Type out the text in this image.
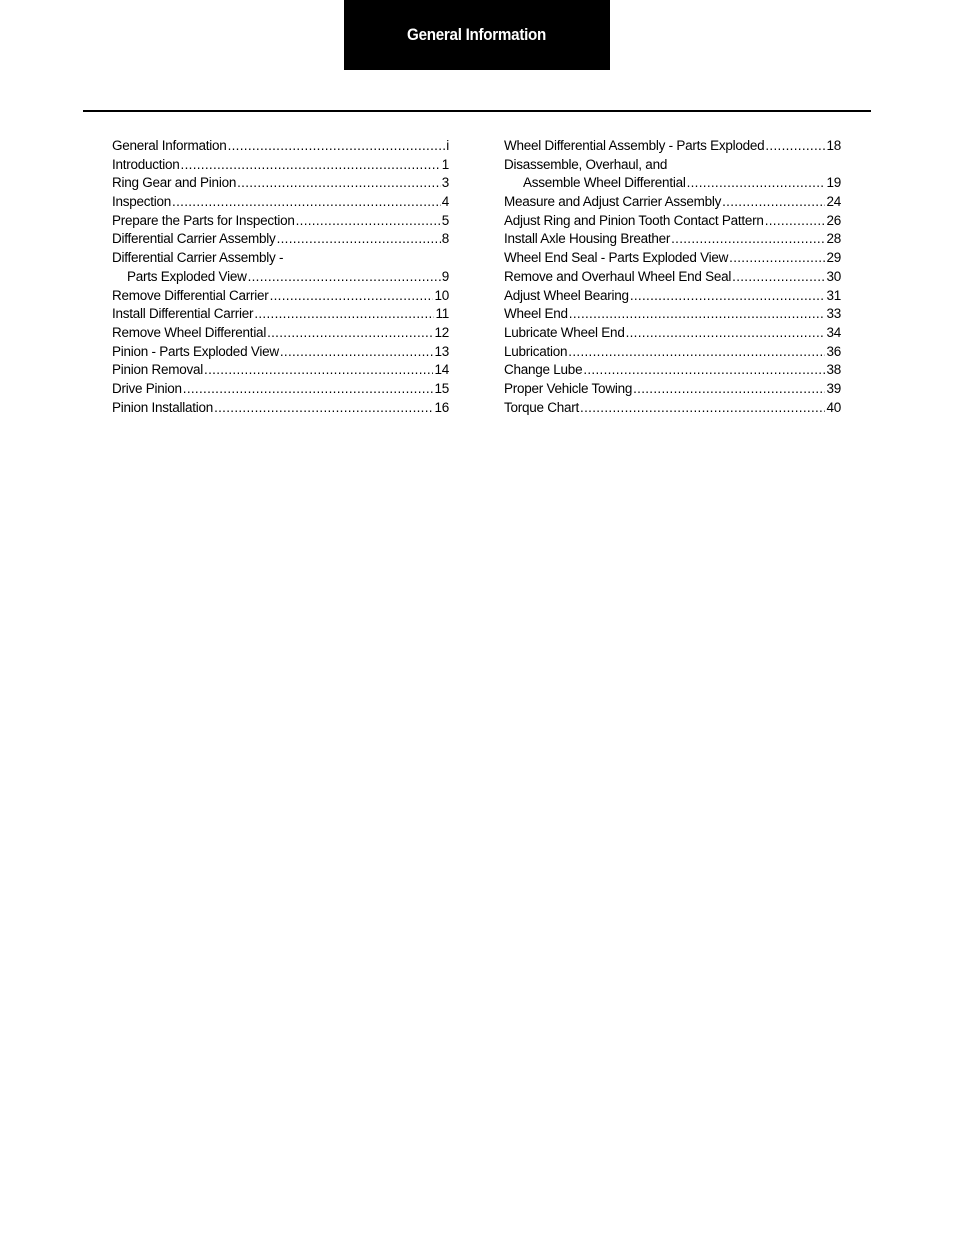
General Information
General Information .....	i
Introduction .....	1
Ring Gear and Pinion .....	3
Inspection .....	4
Prepare the Parts for Inspection .....	5
Differential Carrier Assembly .....	8
Differential Carrier Assembly -
Parts Exploded View .....	9
Remove Differential Carrier .....	10
Install Differential Carrier .....	11
Remove Wheel Differential .....	12
Pinion - Parts Exploded View .....	13
Pinion Removal .....	14
Drive Pinion .....	15
Pinion Installation .....	16
Wheel Differential Assembly - Parts Exploded .....	18
Disassemble, Overhaul, and
Assemble Wheel Differential .....	19
Measure and Adjust Carrier Assembly .....	24
Adjust Ring and Pinion Tooth Contact Pattern .....	26
Install Axle Housing Breather .....	28
Wheel End Seal - Parts Exploded View .....	29
Remove and Overhaul Wheel End Seal .....	30
Adjust Wheel Bearing .....	31
Wheel End .....	33
Lubricate Wheel End .....	34
Lubrication .....	36
Change Lube .....	38
Proper Vehicle Towing .....	39
Torque Chart .....	40
